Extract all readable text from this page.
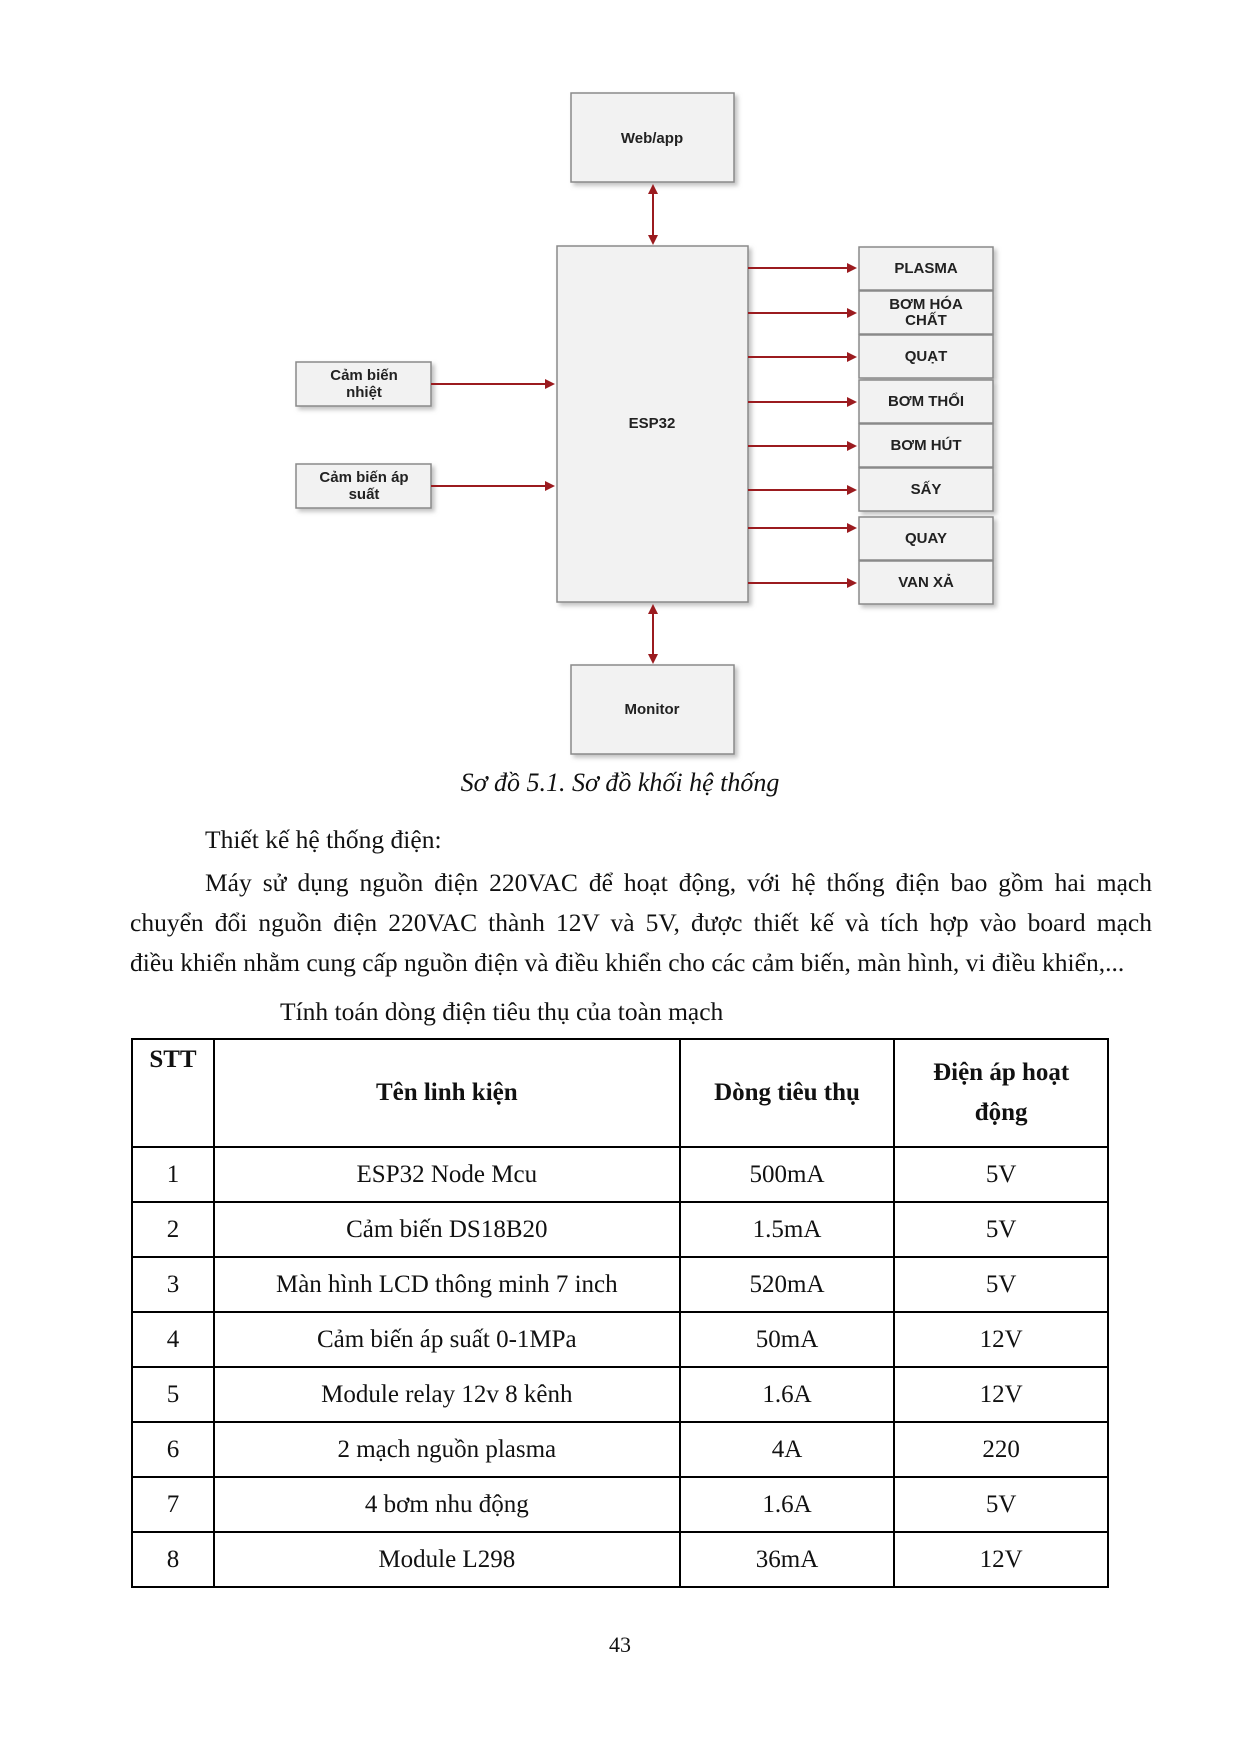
Web/app
ESP32
Monitor
Cảm biến
nhiệt
Cảm biến áp
suất
PLASMA
BƠM HÓA
CHẤT
QUẠT
BƠM THỔI
BƠM HÚT
SẤY
QUAY
VAN XẢ
Sơ đồ 5.1. Sơ đồ khối hệ thống
Thiết kế hệ thống điện:
Máy sử dụng nguồn điện 220VAC để hoạt động, với hệ thống điện bao gồm hai mạch
chuyển đổi nguồn điện 220VAC thành 12V và 5V, được thiết kế và tích hợp vào board mạch
điều khiển nhằm cung cấp nguồn điện và điều khiển cho các cảm biến, màn hình, vi điều khiển,...
Tính toán dòng điện tiêu thụ của toàn mạch
STT	Tên linh kiện	Dòng tiêu thụ	Điện áp hoạt động
1	ESP32 Node Mcu	500mA	5V
2	Cảm biến DS18B20	1.5mA	5V
3	Màn hình LCD thông minh 7 inch	520mA	5V
4	Cảm biến áp suất 0-1MPa	50mA	12V
5	Module relay 12v 8 kênh	1.6A	12V
6	2 mạch nguồn plasma	4A	220
7	4 bơm nhu động	1.6A	5V
8	Module L298	36mA	12V
43
